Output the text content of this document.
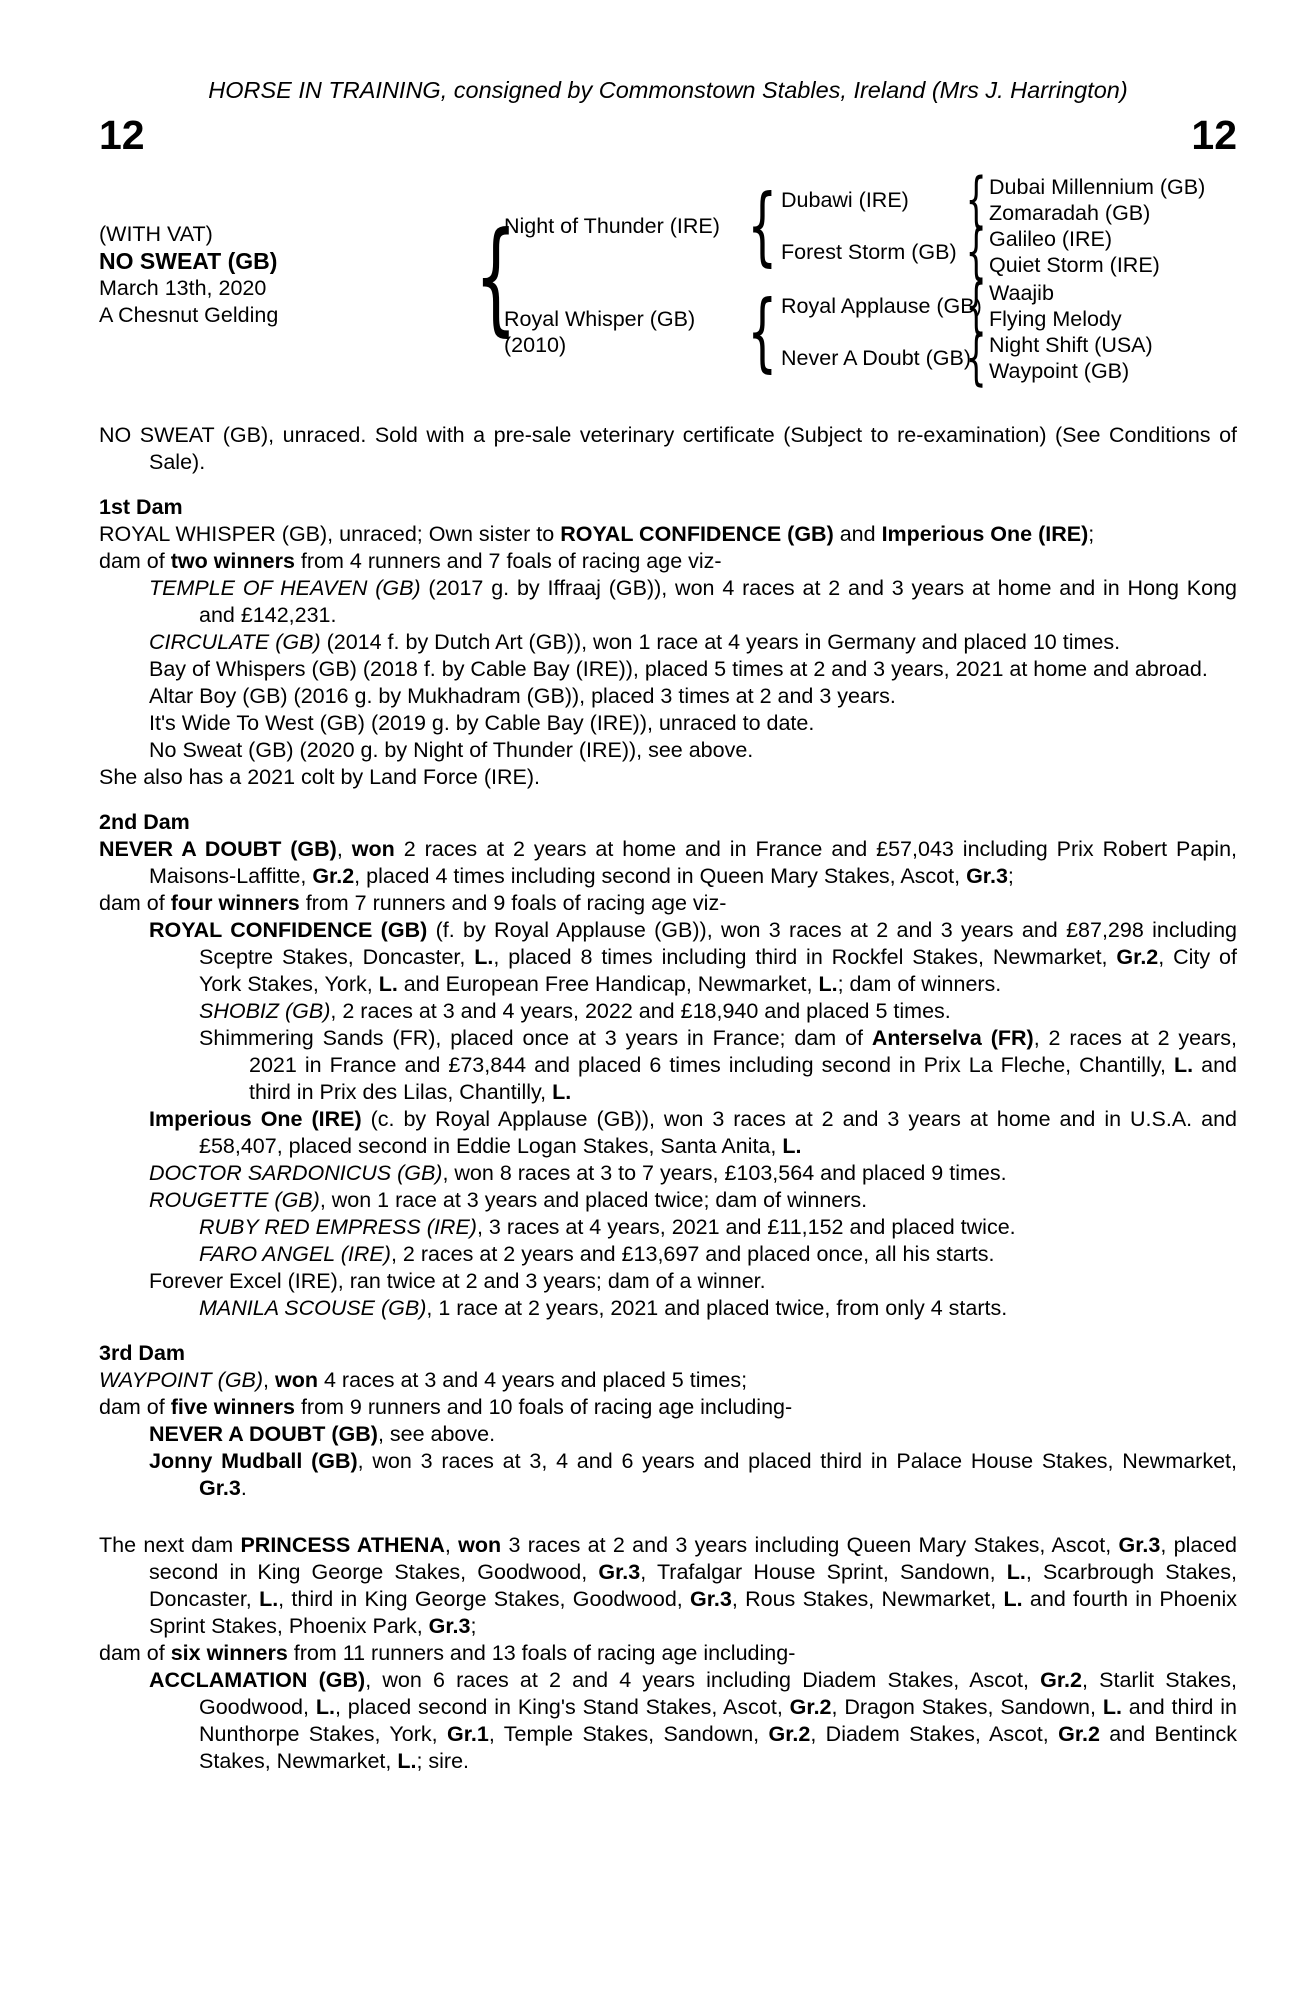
HORSE IN TRAINING, consigned by Commonstown Stables, Ireland (Mrs J. Harrington)
12	12
(WITH VAT)
NO SWEAT (GB)
March 13th, 2020
A Chesnut Gelding {	{
{
{
{
{
{
Night of Thunder (IRE)
Royal Whisper (GB)
(2010)
Dubawi (IRE)
Forest Storm (GB)
Royal Applause (GB)
Never A Doubt (GB)
Dubai Millennium (GB)
Zomaradah (GB)
Galileo (IRE)
Quiet Storm (IRE)
Waajib
Flying Melody
Night Shift (USA)
Waypoint (GB)
NO SWEAT (GB), unraced. Sold with a pre-sale veterinary certificate (Subject to re-examination) (See Conditions of Sale).
1st Dam
ROYAL WHISPER (GB), unraced; Own sister to ROYAL CONFIDENCE (GB) and Imperious One (IRE);
dam of two winners from 4 runners and 7 foals of racing age viz-
TEMPLE OF HEAVEN (GB) (2017 g. by Iffraaj (GB)), won 4 races at 2 and 3 years at home and in Hong Kong and £142,231.
CIRCULATE (GB) (2014 f. by Dutch Art (GB)), won 1 race at 4 years in Germany and placed 10 times.
Bay of Whispers (GB) (2018 f. by Cable Bay (IRE)), placed 5 times at 2 and 3 years, 2021 at home and abroad.
Altar Boy (GB) (2016 g. by Mukhadram (GB)), placed 3 times at 2 and 3 years.
It's Wide To West (GB) (2019 g. by Cable Bay (IRE)), unraced to date.
No Sweat (GB) (2020 g. by Night of Thunder (IRE)), see above.
She also has a 2021 colt by Land Force (IRE).
2nd Dam
NEVER A DOUBT (GB), won 2 races at 2 years at home and in France and £57,043 including Prix Robert Papin, Maisons-Laffitte, Gr.2, placed 4 times including second in Queen Mary Stakes, Ascot, Gr.3;
dam of four winners from 7 runners and 9 foals of racing age viz-
ROYAL CONFIDENCE (GB) (f. by Royal Applause (GB)), won 3 races at 2 and 3 years and £87,298 including Sceptre Stakes, Doncaster, L., placed 8 times including third in Rockfel Stakes, Newmarket, Gr.2, City of York Stakes, York, L. and European Free Handicap, Newmarket, L.; dam of winners.
SHOBIZ (GB), 2 races at 3 and 4 years, 2022 and £18,940 and placed 5 times.
Shimmering Sands (FR), placed once at 3 years in France; dam of Anterselva (FR), 2 races at 2 years, 2021 in France and £73,844 and placed 6 times including second in Prix La Fleche, Chantilly, L. and third in Prix des Lilas, Chantilly, L.
Imperious One (IRE) (c. by Royal Applause (GB)), won 3 races at 2 and 3 years at home and in U.S.A. and £58,407, placed second in Eddie Logan Stakes, Santa Anita, L.
DOCTOR SARDONICUS (GB), won 8 races at 3 to 7 years, £103,564 and placed 9 times.
ROUGETTE (GB), won 1 race at 3 years and placed twice; dam of winners.
RUBY RED EMPRESS (IRE), 3 races at 4 years, 2021 and £11,152 and placed twice.
FARO ANGEL (IRE), 2 races at 2 years and £13,697 and placed once, all his starts.
Forever Excel (IRE), ran twice at 2 and 3 years; dam of a winner.
MANILA SCOUSE (GB), 1 race at 2 years, 2021 and placed twice, from only 4 starts.
3rd Dam
WAYPOINT (GB), won 4 races at 3 and 4 years and placed 5 times;
dam of five winners from 9 runners and 10 foals of racing age including-
NEVER A DOUBT (GB), see above.
Jonny Mudball (GB), won 3 races at 3, 4 and 6 years and placed third in Palace House Stakes, Newmarket, Gr.3.
The next dam PRINCESS ATHENA, won 3 races at 2 and 3 years including Queen Mary Stakes, Ascot, Gr.3, placed second in King George Stakes, Goodwood, Gr.3, Trafalgar House Sprint, Sandown, L., Scarbrough Stakes, Doncaster, L., third in King George Stakes, Goodwood, Gr.3, Rous Stakes, Newmarket, L. and fourth in Phoenix Sprint Stakes, Phoenix Park, Gr.3;
dam of six winners from 11 runners and 13 foals of racing age including-
ACCLAMATION (GB), won 6 races at 2 and 4 years including Diadem Stakes, Ascot, Gr.2, Starlit Stakes, Goodwood, L., placed second in King's Stand Stakes, Ascot, Gr.2, Dragon Stakes, Sandown, L. and third in Nunthorpe Stakes, York, Gr.1, Temple Stakes, Sandown, Gr.2, Diadem Stakes, Ascot, Gr.2 and Bentinck Stakes, Newmarket, L.; sire.
